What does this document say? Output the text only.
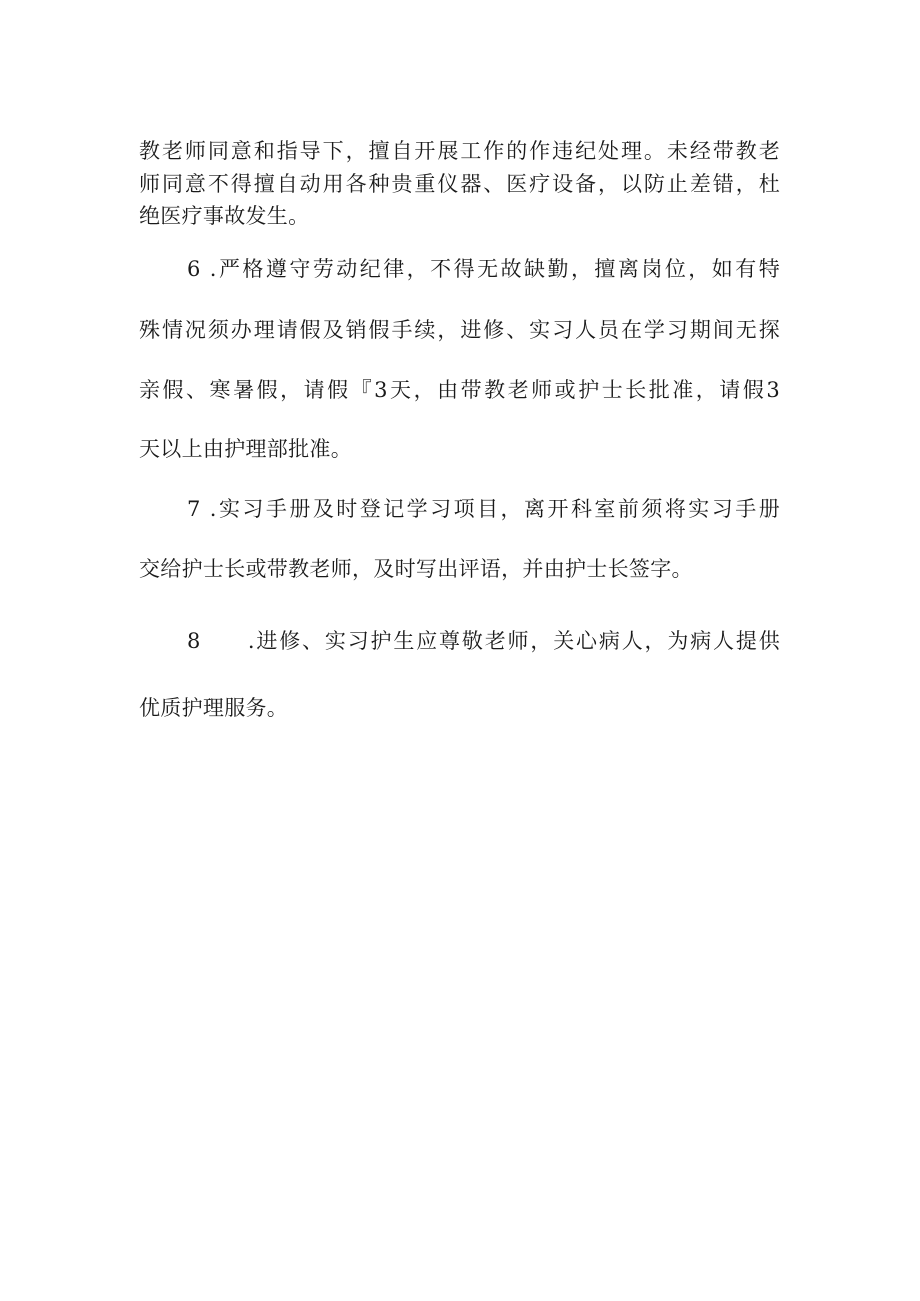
教老师同意和指导下，擅自开展工作的作违纪处理。未经带教老
师同意不得擅自动用各种贵重仪器、医疗设备，以防止差错，杜
绝医疗事故发生。
6 .严格遵守劳动纪律，不得无故缺勤，擅离岗位，如有特
殊情况须办理请假及销假手续，进修、实习人员在学习期间无探
亲假、寒暑假，请假『3天，由带教老师或护士长批准，请假3
天以上由护理部批准。
7 .实习手册及时登记学习项目，离开科室前须将实习手册
交给护士长或带教老师，及时写出评语，并由护士长签字。
8　　.进修、实习护生应尊敬老师，关心病人，为病人提供
优质护理服务。
